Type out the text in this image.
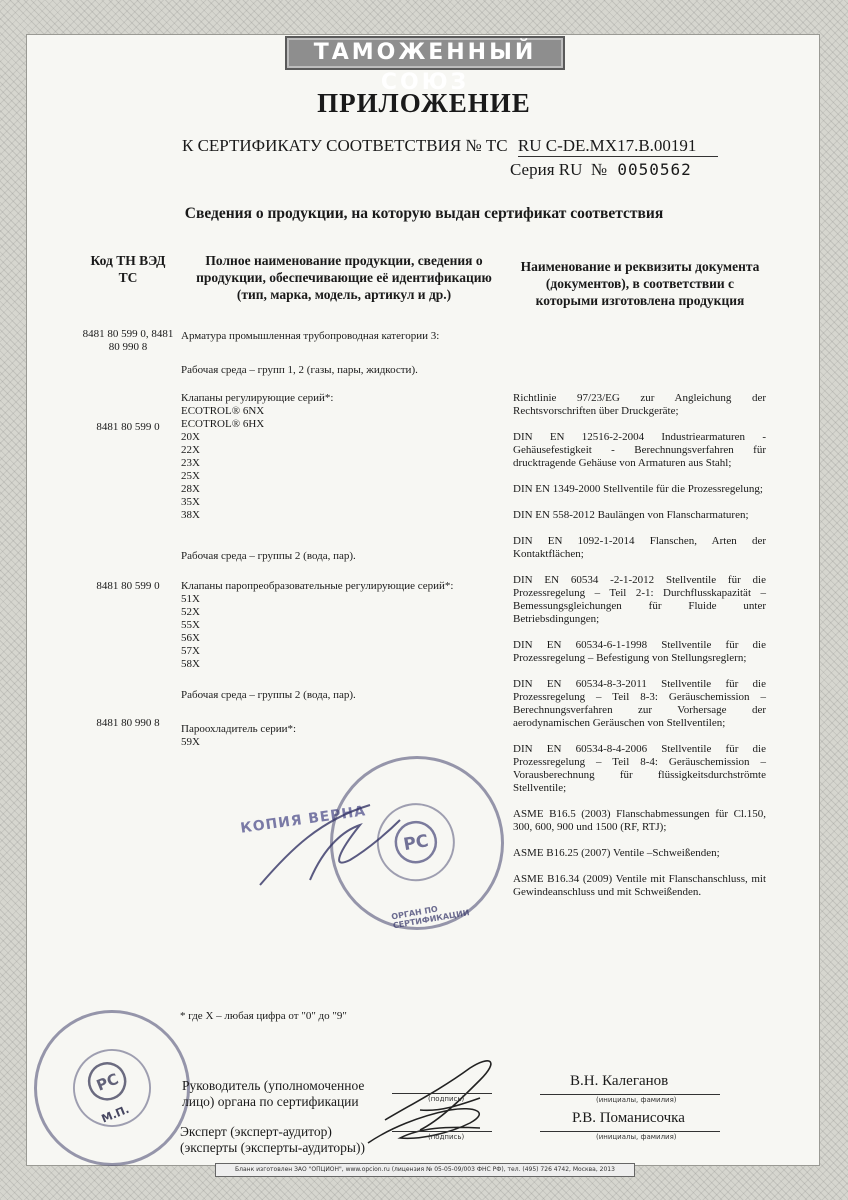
ТАМОЖЕННЫЙ СОЮЗ
ПРИЛОЖЕНИЕ
К СЕРТИФИКАТУ СООТВЕТСТВИЯ № ТС RU C-DE.MX17.B.00191
Серия RU № 0050562
Сведения о продукции, на которую выдан сертификат соответствия
Код ТН ВЭД ТС
Полное наименование продукции, сведения о продукции, обеспечивающие её идентификацию (тип, марка, модель, артикул и др.)
Наименование и реквизиты документа (документов), в соответствии с которыми изготовлена продукция
8481 80 599 0, 8481 80 990 8
Арматура промышленная трубопроводная категории 3:
8481 80 599 0
Рабочая среда – групп 1, 2 (газы, пары, жидкости).
Клапаны регулирующие серий*:
ECOTROL® 6NX
ECOTROL® 6HX
20X
22X
23X
25X
28X
35X
38X
8481 80 599 0
Рабочая среда – группы 2 (вода, пар).
Клапаны паропреобразовательные регулирующие серий*:
51X
52X
55X
56X
57X
58X
8481 80 990 8
Рабочая среда – группы 2 (вода, пар).
Пароохладитель серии*:
59X
Richtlinie 97/23/EG zur Angleichung der Rechtsvorschriften über Druckgeräte;
DIN EN 12516-2-2004 Industriearmaturen - Gehäusefestigkeit - Berechnungsverfahren für drucktragende Gehäuse von Armaturen aus Stahl;
DIN EN 1349-2000 Stellventile für die Prozessregelung;
DIN EN 558-2012 Baulängen von Flanscharmaturen;
DIN EN 1092-1-2014 Flanschen, Arten der Kontaktflächen;
DIN EN 60534 -2-1-2012 Stellventile für die Prozessregelung – Teil 2-1: Durchflusskapazität – Bemessungsgleichungen für Fluide unter Betriebsdingungen;
DIN EN 60534-6-1-1998 Stellventile für die Prozessregelung – Befestigung von Stellungsreglern;
DIN EN 60534-8-3-2011 Stellventile für die Prozessregelung – Teil 8-3: Geräuschemission – Berechnungsverfahren zur Vorhersage der aerodynamischen Geräuschen von Stellventilen;
DIN EN 60534-8-4-2006 Stellventile für die Prozessregelung – Teil 8-4: Geräuschemission – Vorausberechnung für flüssigkeitsdurchströmte Stellventile;
ASME B16.5 (2003) Flanschabmessungen für Cl.150, 300, 600, 900 und 1500 (RF, RTJ);
ASME B16.25 (2007) Ventile –Schweißenden;
ASME B16.34 (2009) Ventile mit Flanschanschluss, mit Gewindeanschluss und mit Schweißenden.
* где X – любая цифра от "0" до "9"
КОПИЯ ВЕРНА
ОРГАН ПО СЕРТИФИКАЦИИ
PC
PC
М.П.
Руководитель (уполномоченное лицо) органа по сертификации	(подпись)
В.Н. Калеганов
(инициалы, фамилия)
Эксперт (эксперт-аудитор) (эксперты (эксперты-аудиторы))
(подпись)
Р.В. Поманисочка
(инициалы, фамилия)
Бланк изготовлен ЗАО "ОПЦИОН", www.opcion.ru (лицензия № 05-05-09/003 ФНС РФ), тел. (495) 726 4742, Москва, 2013
